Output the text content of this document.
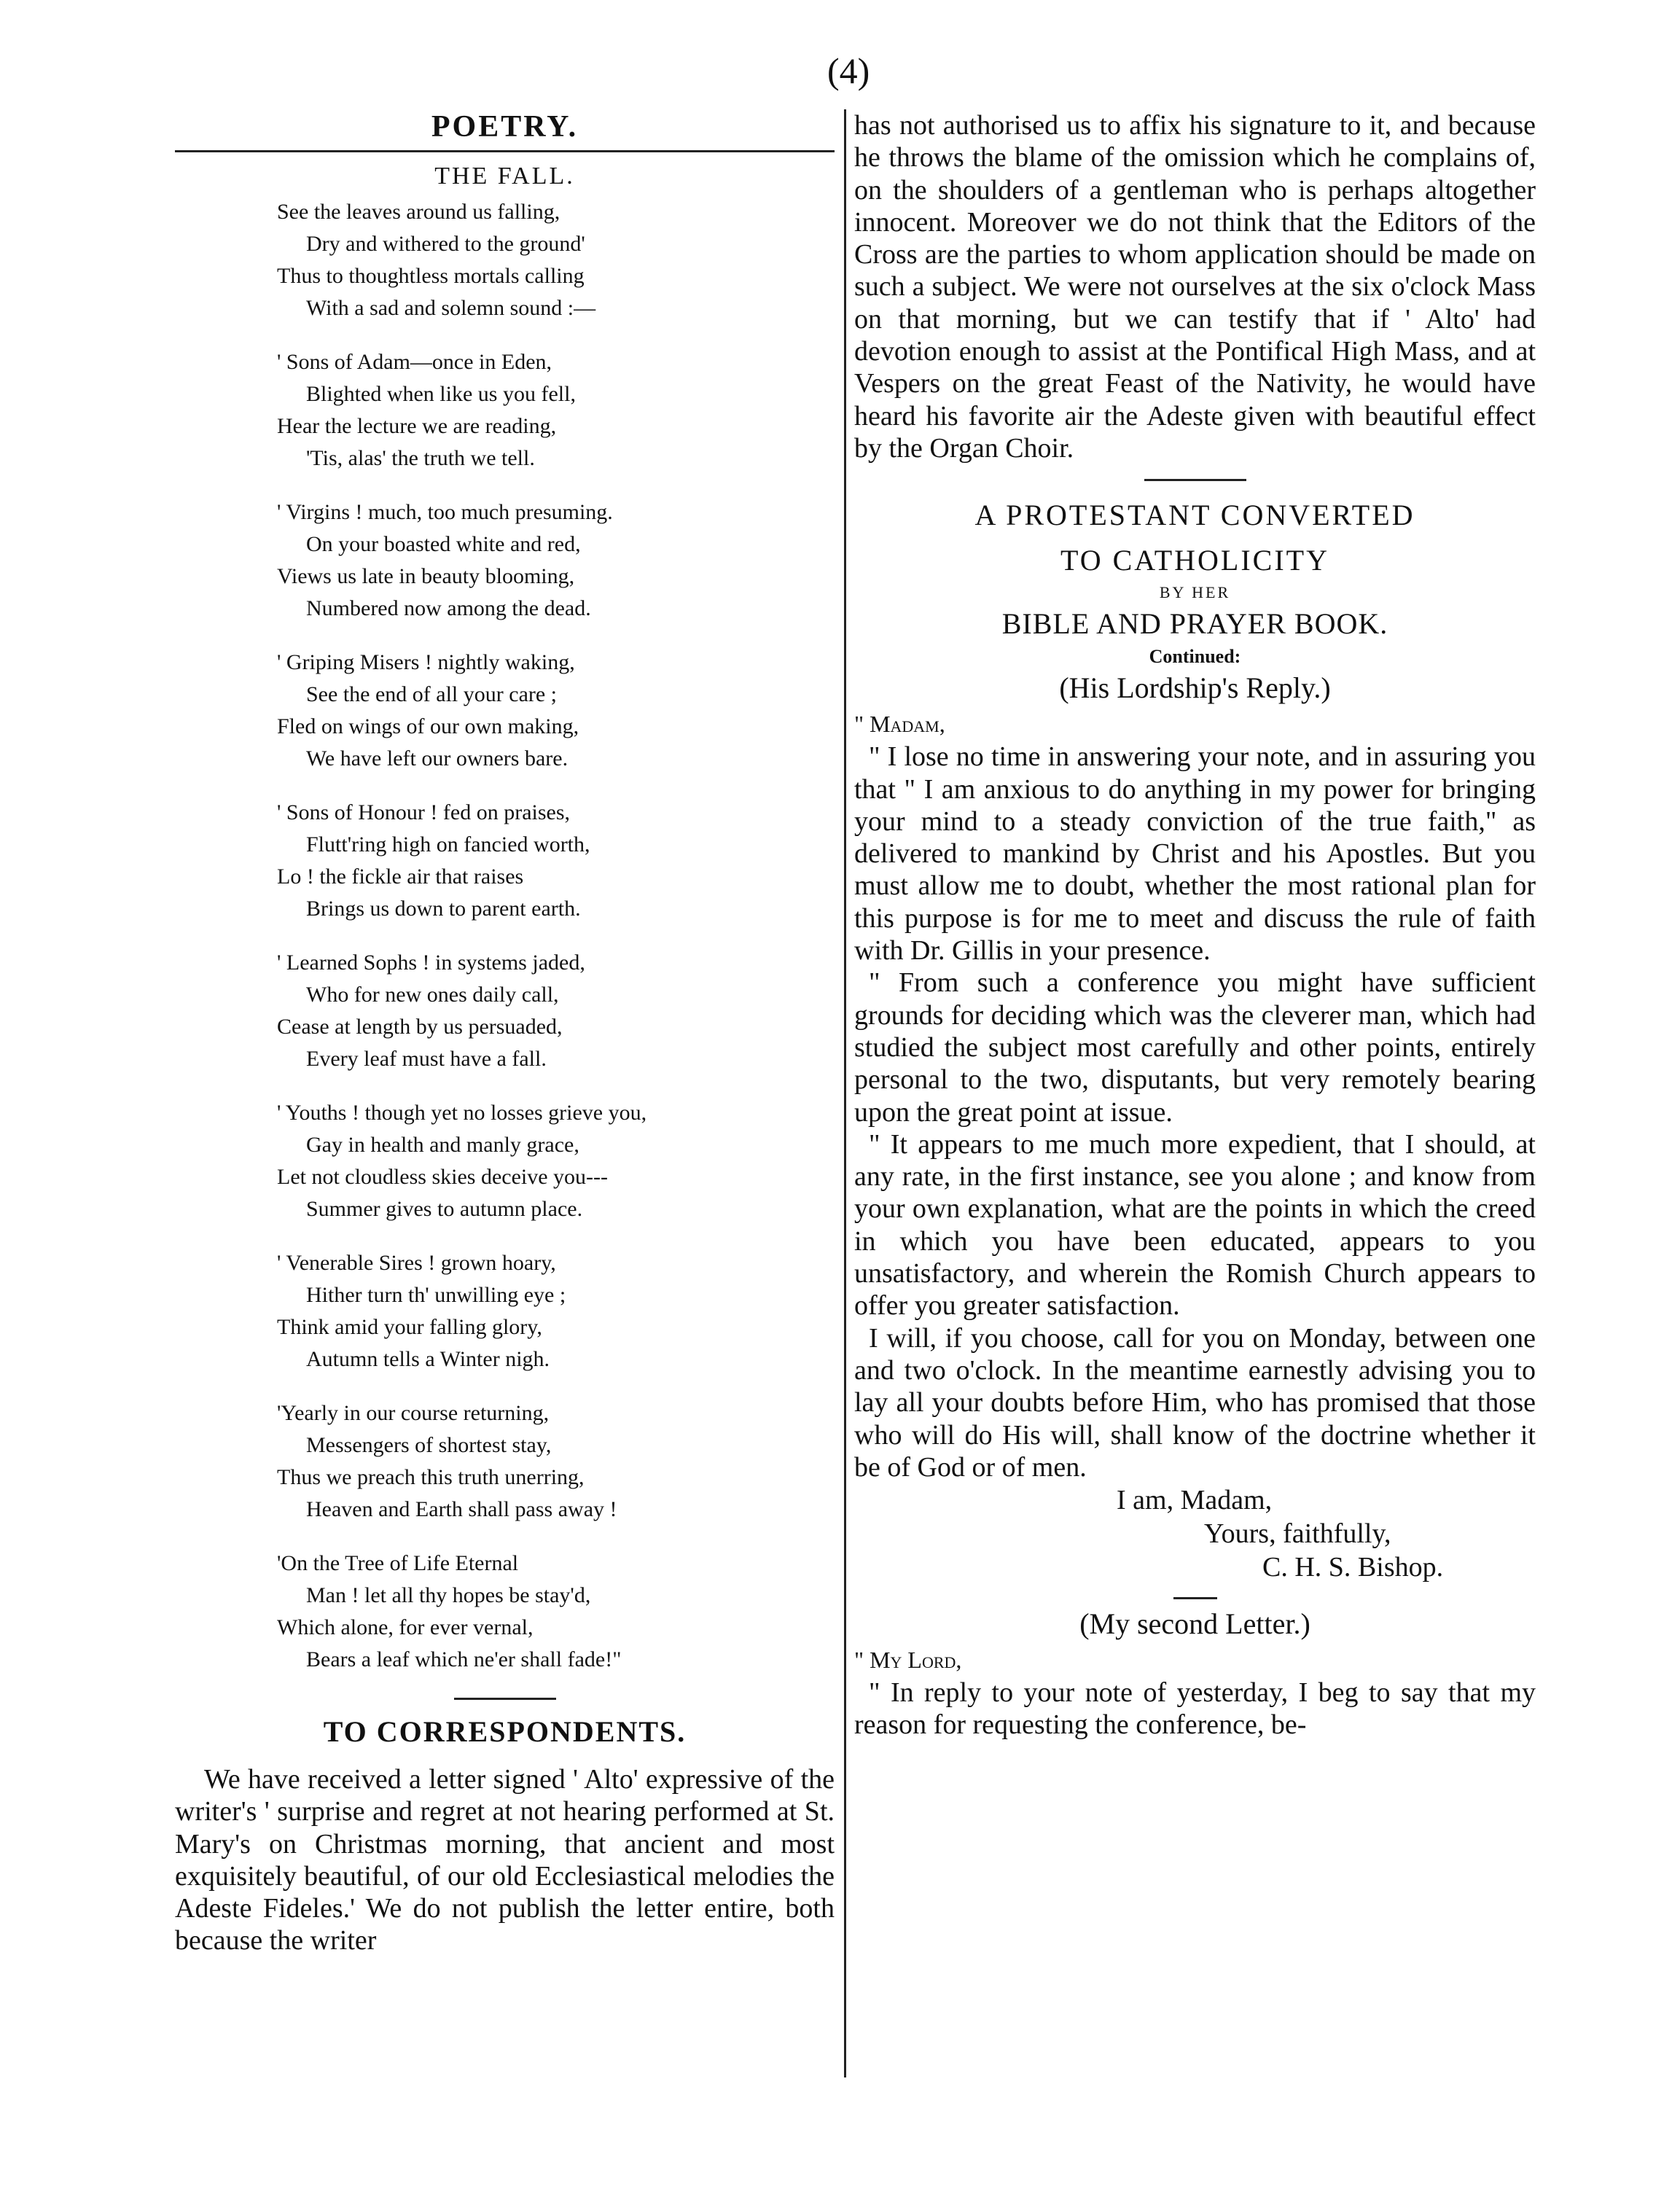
(4)
POETRY.
THE FALL.
See the leaves around us falling,
Dry and withered to the ground'
Thus to thoughtless mortals calling
With a sad and solemn sound :—
' Sons of Adam—once in Eden,
Blighted when like us you fell,
Hear the lecture we are reading,
'Tis, alas' the truth we tell.
' Virgins ! much, too much presuming.
On your boasted white and red,
Views us late in beauty blooming,
Numbered now among the dead.
' Griping Misers ! nightly waking,
See the end of all your care ;
Fled on wings of our own making,
We have left our owners bare.
' Sons of Honour ! fed on praises,
Flutt'ring high on fancied worth,
Lo ! the fickle air that raises
Brings us down to parent earth.
' Learned Sophs ! in systems jaded,
Who for new ones daily call,
Cease at length by us persuaded,
Every leaf must have a fall.
' Youths ! though yet no losses grieve you,
Gay in health and manly grace,
Let not cloudless skies deceive you---
Summer gives to autumn place.
' Venerable Sires ! grown hoary,
Hither turn th' unwilling eye ;
Think amid your falling glory,
Autumn tells a Winter nigh.
'Yearly in our course returning,
Messengers of shortest stay,
Thus we preach this truth unerring,
Heaven and Earth shall pass away !
'On the Tree of Life Eternal
Man ! let all thy hopes be stay'd,
Which alone, for ever vernal,
Bears a leaf which ne'er shall fade!"
TO CORRESPONDENTS.

We have received a letter signed ' Alto' expressive of the writer's ' surprise and regret at not hearing performed at St. Mary's on Christmas morning, that ancient and most exquisitely beautiful, of our old Ecclesiastical melodies the Adeste Fideles.' We do not publish the letter entire, both because the writer

has not authorised us to affix his signature to it, and because he throws the blame of the omission which he complains of, on the shoulders of a gentleman who is perhaps altogether innocent. Moreover we do not think that the Editors of the Cross are the parties to whom application should be made on such a subject. We were not ourselves at the six o'clock Mass on that morning, but we can testify that if ' Alto' had devotion enough to assist at the Pontifical High Mass, and at Vespers on the great Feast of the Nativity, he would have heard his favorite air the Adeste given with beautiful effect by the Organ Choir.

A PROTESTANT CONVERTED
TO CATHOLICITY
BY HER
BIBLE AND PRAYER BOOK.
Continued:
(His Lordship's Reply.)
" Madam,

" I lose no time in answering your note, and in assuring you that " I am anxious to do anything in my power for bringing your mind to a steady conviction of the true faith," as delivered to mankind by Christ and his Apostles. But you must allow me to doubt, whether the most rational plan for this purpose is for me to meet and discuss the rule of faith with Dr. Gillis in your presence.

" From such a conference you might have sufficient grounds for deciding which was the cleverer man, which had studied the subject most carefully and other points, entirely personal to the two, disputants, but very remotely bearing upon the great point at issue.

" It appears to me much more expedient, that I should, at any rate, in the first instance, see you alone ; and know from your own explanation, what are the points in which the creed in which you have been educated, appears to you unsatisfactory, and wherein the Romish Church appears to offer you greater satisfaction.

I will, if you choose, call for you on Monday, between one and two o'clock. In the meantime earnestly advising you to lay all your doubts before Him, who has promised that those who will do His will, shall know of the doctrine whether it be of God or of men.

I am, Madam,
Yours, faithfully,
C. H. S. Bishop.
(My second Letter.)
" My Lord,

" In reply to your note of yesterday, I beg to say that my reason for requesting the conference, be-
